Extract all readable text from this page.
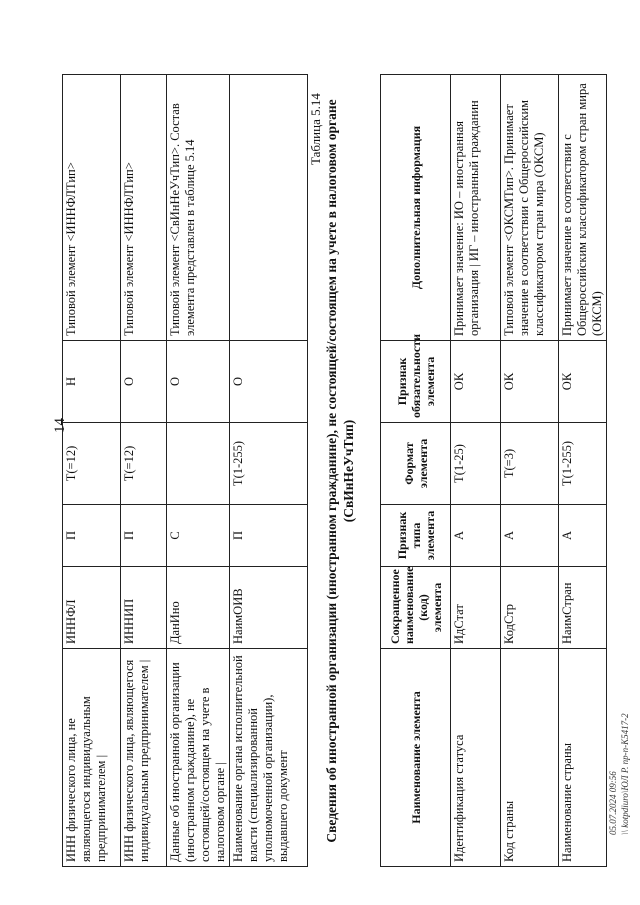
14
ИНН физического лица, не являющегося индивидуальным предпринимателем |	ИННФЛ	П	T(=12)	Н	Типовой элемент <ИННФЛТип>
ИНН физического лица, являющегося индивидуальным предпринимателем |	ИННИП	П	T(=12)	О	Типовой элемент <ИННФЛТип>
Данные об иностранной организации (иностранном гражданине), не состоящей/состоящем на учете в налоговом органе |	ДанИно	С		О	Типовой элемент <СвИнНеУчТип>. Состав элемента представлен в таблице 5.14
Наименование органа исполнительной власти (специализированной уполномоченной организации), выдавшего документ	НаимОИВ	П	T(1-255)	О	
Таблица 5.14 Сведения об иностранной организации (иностранном гражданине), не состоящей/состоящем на учете в налоговом органе (СвИнНеУчТип)
Наименование элемента	Сокращенное наименование (код) элемента	Признак типа элемента	Формат элемента	Признак обязательности элемента	Дополнительная информация
Идентификация статуса	ИдСтат	А	T(1-25)	ОК	Принимает значение: ИО – иностранная организация | ИГ – иностранный гражданин
Код страны	КодСтр	А	T(=3)	ОК	Типовой элемент <ОКСМТип>. Принимает значение в соответствии с Общероссийским классификатором стран мира (ОКСМ)
Наименование страны	НаимСтран	А	T(1-255)	ОК	Принимает значение в соответствии с Общероссийским классификатором стран мира (ОКСМ)
05.07.2024 09:56 \\ kotpdiuro\ЮЛ P. пр-п-К5417-2
